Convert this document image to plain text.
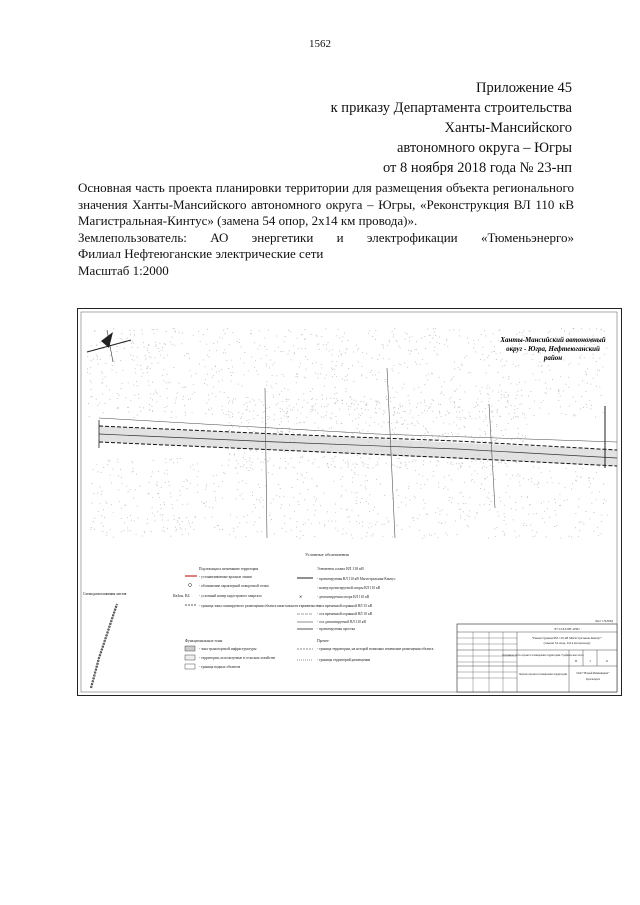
1562
Приложение 45
к приказу Департамента строительства
Ханты-Мансийского
автономного округа – Югры
от 8 ноября 2018 года № 23-нп
Основная часть проекта планировки территории для размещения объекта регионального
значения Ханты-Мансийского автономного округа – Югры, «Реконструкция ВЛ 110 кВ
Магистральная-Кинтус» (замена 54 опор, 2х14 км провода)».
Землепользователь: АО энергетики и электрофикации «Тюменьэнерго»
Филиал Нефтеюганские электрические сети
Масштаб 1:2000
Ханты-Мансийский автономный
округ - Югра, Нефтеюганский
район
Условные обозначения
Подлежащая к межеванию территория
- устанавливаемые красные линии
- обозначение характерной поворотной точки
КвЗон. В4	- условный номер кадастрового квартала
- граница зоны планируемого размещения объекта капитального строительства
Элементы плана ВЛ 110 кВ
- проектируемая ВЛ 110 кВ Магистральная-Кинтус
- номер проектируемой опоры ВЛ 110 кВ
✕	- демонтируемая опора ВЛ 110 кВ
- ось временной охранной ВЛ 35 кВ
- ось временной охранной ВЛ 10 кВ
- ось демонтируемой ВЛ 110 кВ
- проектируемая просека
Функциональные зоны
- зона транспортной инфраструктуры
- территории, используемые в сельском хозяйстве
- граница водных объектов
Прочее
- граница территории, на которой возможно изменение размещения объекта
- границы территорий размещения
Схема расположения листов
Лист 1/ЧЛМД
87/1/18-ППТ-ОЧП
"Реконструкция ВЛ 110 кВ Магистральная-Кинтус"
(замена 54 опор, 2х14 км провода)
Основная часть проекта планировки территории. Графическая часть
П	1	11
Чертеж проекта планировки территории	ООО "Новый Инжиниринг"
Красноярск
